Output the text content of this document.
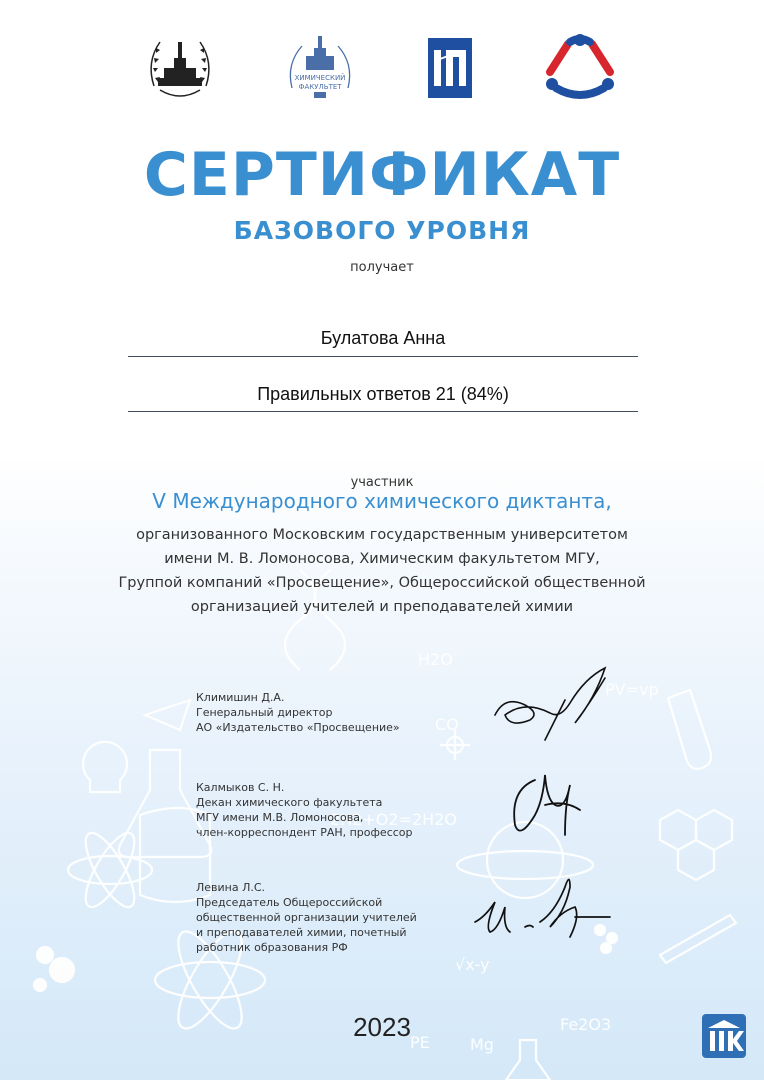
H2O
2H2+O2=2H2O
Fe2O3
PE	Mg
CO
PV=vp
√x-y
ХИМИЧЕСКИЙ
ФАКУЛЬТЕТ
СЕРТИФИКАТ
БАЗОВОГО УРОВНЯ
получает
Булатова Анна
Правильных ответов 21 (84%)
участник
V Международного химического диктанта,
организованного Московским государственным университетом
имени М. В. Ломоносова, Химическим факультетом МГУ,
Группой компаний «Просвещение», Общероссийской общественной
организацией учителей и преподавателей химии
Климишин Д.А.
Генеральный директор
АО «Издательство «Просвещение»
Калмыков С. Н.
Декан химического факультета
МГУ имени М.В. Ломоносова,
член-корреспондент РАН, профессор
Левина Л.С.
Председатель Общероссийской
общественной организации учителей
и преподавателей химии, почетный
работник образования РФ
2023
